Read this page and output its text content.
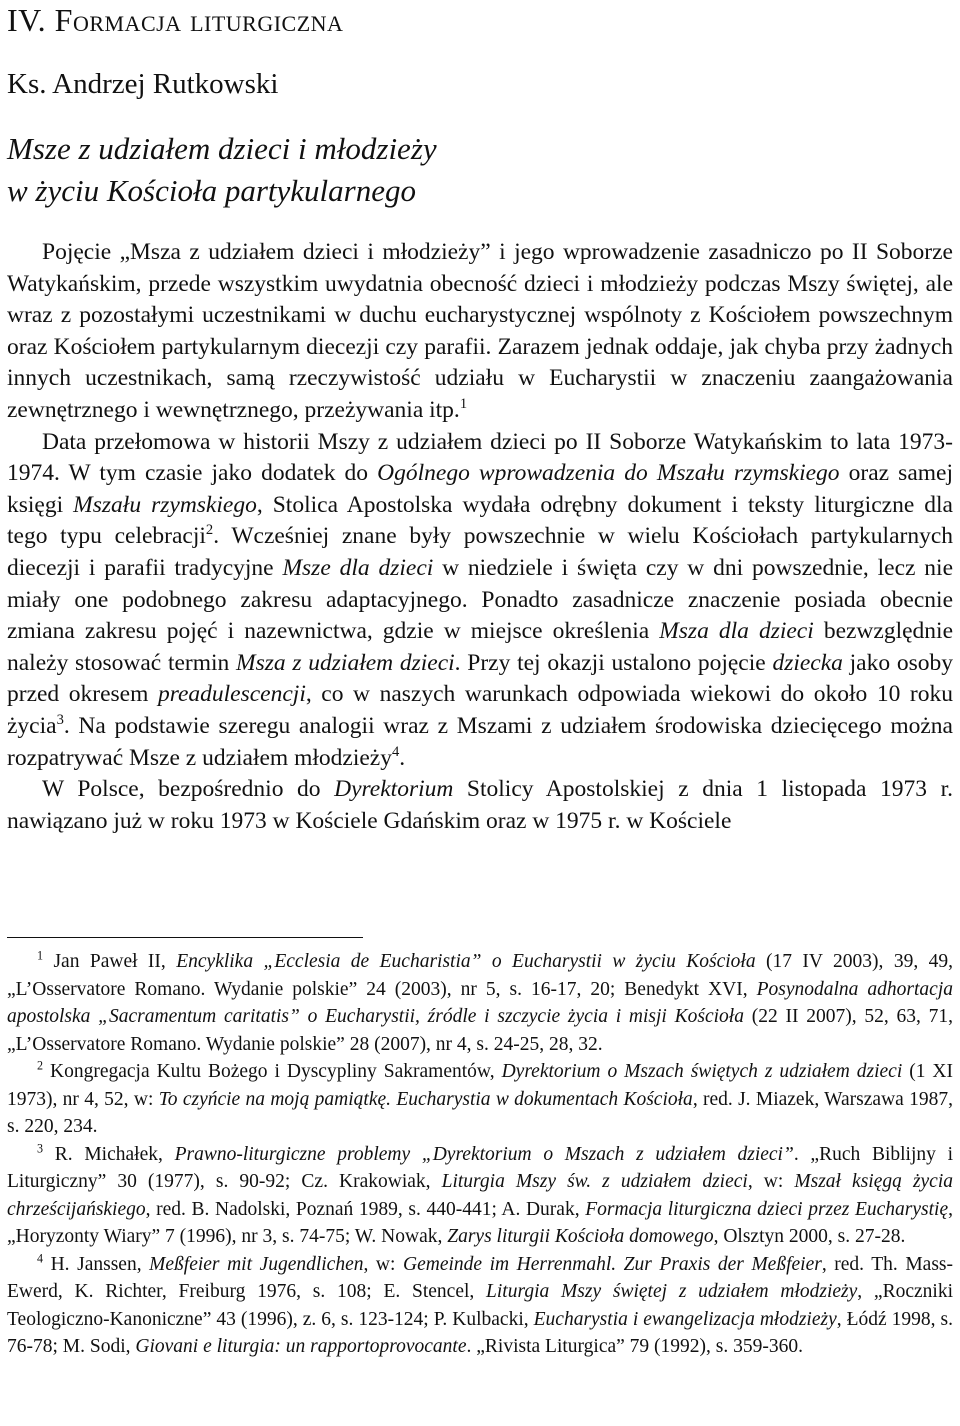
IV. Formacja liturgiczna
Ks. Andrzej Rutkowski
Msze z udziałem dzieci i młodzieży
w życiu Kościoła partykularnego

Pojęcie „Msza z udziałem dzieci i młodzieży” i jego wprowadzenie zasadniczo po II Soborze Watykańskim, przede wszystkim uwydatnia obecność dzieci i młodzieży podczas Mszy świętej, ale wraz z pozostałymi uczestnikami w duchu eucharystycznej wspólnoty z Kościołem powszechnym oraz Kościołem partykularnym diecezji czy parafii. Zarazem jednak oddaje, jak chyba przy żadnych innych uczestnikach, samą rzeczywistość udziału w Eucharystii w znaczeniu zaangażowania zewnętrznego i wewnętrznego, przeżywania itp.$^1$

Data przełomowa w historii Mszy z udziałem dzieci po II Soborze Watykańskim to lata 1973-1974. W tym czasie jako dodatek do Ogólnego wprowadzenia do Mszału rzymskiego oraz samej księgi Mszału rzymskiego, Stolica Apostolska wydała odrębny dokument i teksty liturgiczne dla tego typu celebracji$^2$. Wcześniej znane były powszechnie w wielu Kościołach partykularnych diecezji i parafii tradycyjne Msze dla dzieci w niedziele i święta czy w dni powszednie, lecz nie miały one podobnego zakresu adaptacyjnego. Ponadto zasadnicze znaczenie posiada obecnie zmiana zakresu pojęć i nazewnictwa, gdzie w miejsce określenia Msza dla dzieci bezwzględnie należy stosować termin Msza z udziałem dzieci. Przy tej okazji ustalono pojęcie dziecka jako osoby przed okresem preadulescencji, co w naszych warunkach odpowiada wiekowi do około 10 roku życia$^3$. Na podstawie szeregu analogii wraz z Mszami z udziałem środowiska dziecięcego można rozpatrywać Msze z udziałem młodzieży$^4$.

W Polsce, bezpośrednio do Dyrektorium Stolicy Apostolskiej z dnia 1 listopada 1973 r. nawiązano już w roku 1973 w Kościele Gdańskim oraz w 1975 r. w Kościele

$^1$ Jan Paweł II, Encyklika „Ecclesia de Eucharistia” o Eucharystii w życiu Kościoła (17 IV 2003), 39, 49, „L’Osservatore Romano. Wydanie polskie” 24 (2003), nr 5, s. 16-17, 20; Benedykt XVI, Posynodalna adhortacja apostolska „Sacramentum caritatis” o Eucharystii, źródle i szczycie życia i misji Kościoła (22 II 2007), 52, 63, 71, „L’Osservatore Romano. Wydanie polskie” 28 (2007), nr 4, s. 24-25, 28, 32.

$^2$ Kongregacja Kultu Bożego i Dyscypliny Sakramentów, Dyrektorium o Mszach świętych z udziałem dzieci (1 XI 1973), nr 4, 52, w: To czyńcie na moją pamiątkę. Eucharystia w dokumentach Kościoła, red. J. Miazek, Warszawa 1987, s. 220, 234.

$^3$ R. Michałek, Prawno-liturgiczne problemy „Dyrektorium o Mszach z udziałem dzieci”. „Ruch Biblijny i Liturgiczny” 30 (1977), s. 90-92; Cz. Krakowiak, Liturgia Mszy św. z udziałem dzieci, w: Mszał księgą życia chrześcijańskiego, red. B. Nadolski, Poznań 1989, s. 440-441; A. Durak, Formacja liturgiczna dzieci przez Eucharystię, „Horyzonty Wiary” 7 (1996), nr 3, s. 74-75; W. Nowak, Zarys liturgii Kościoła domowego, Olsztyn 2000, s. 27-28.

$^4$ H. Janssen, Meßfeier mit Jugendlichen, w: Gemeinde im Herrenmahl. Zur Praxis der Meßfeier, red. Th. Mass-Ewerd, K. Richter, Freiburg 1976, s. 108; E. Stencel, Liturgia Mszy świętej z udziałem młodzieży, „Roczniki Teologiczno-Kanoniczne” 43 (1996), z. 6, s. 123-124; P. Kulbacki, Eucharystia i ewangelizacja młodzieży, Łódź 1998, s. 76-78; M. Sodi, Giovani e liturgia: un rapportoprovocante. „Rivista Liturgica” 79 (1992), s. 359-360.
